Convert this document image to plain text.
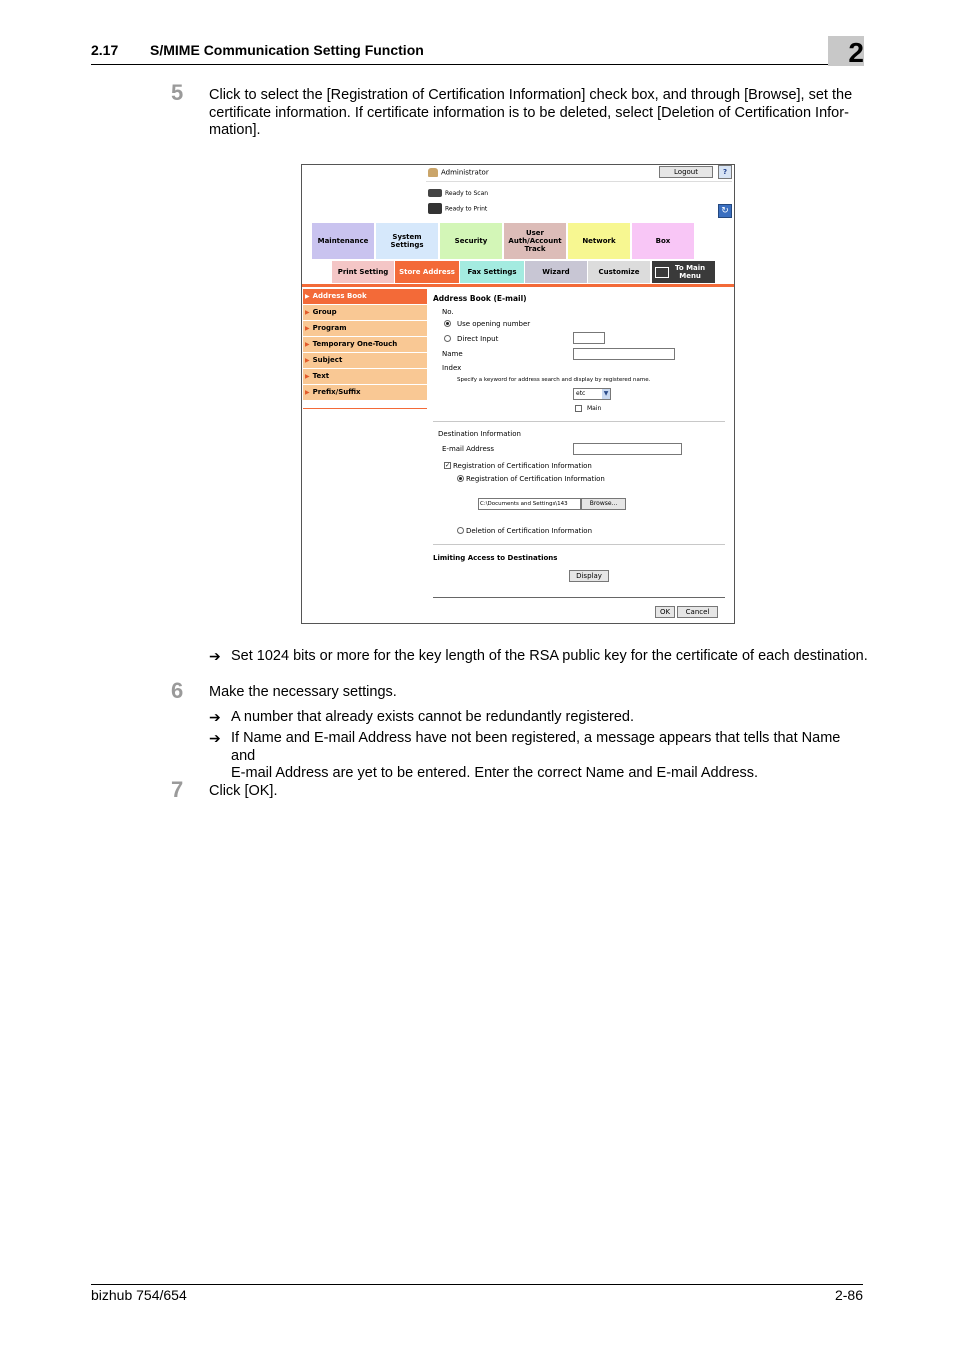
2.17 S/MIME Communication Setting Function	2
5 Click to select the [Registration of Certification Information] check box, and through [Browse], set the
certificate information. If certificate information is to be deleted, select [Deletion of Certification Infor-
mation].
Administrator	Logout	?
Ready to Scan
Ready to Print	↻
Maintenance	System
Settings	Security
User
Auth/Account
Track
Network	Box
Print Setting	Store Address	Fax Settings	Wizard	Customize	To Main
Menu
▶ Address Book
▶ Group
▶ Program
▶ Temporary One-Touch
▶ Subject
▶ Text
▶ Prefix/Suffix
Address Book (E-mail)
No.
Use opening number
Direct Input
Name
Index
Specify a keyword for address search and display by registered name.
etc	▼
Main
Destination Information
E-mail Address
✓ Registration of Certification Information
Registration of Certification Information
C:\Documents and Settings\143	Browse...
Deletion of Certification Information
Limiting Access to Destinations
Display
OK	Cancel
➔ Set 1024 bits or more for the key length of the RSA public key for the certificate of each destination.
6 Make the necessary settings.
➔ A number that already exists cannot be redundantly registered.
➔ If Name and E-mail Address have not been registered, a message appears that tells that Name and
E-mail Address are yet to be entered. Enter the correct Name and E-mail Address.
7 Click [OK].
bizhub 754/654	2-86
